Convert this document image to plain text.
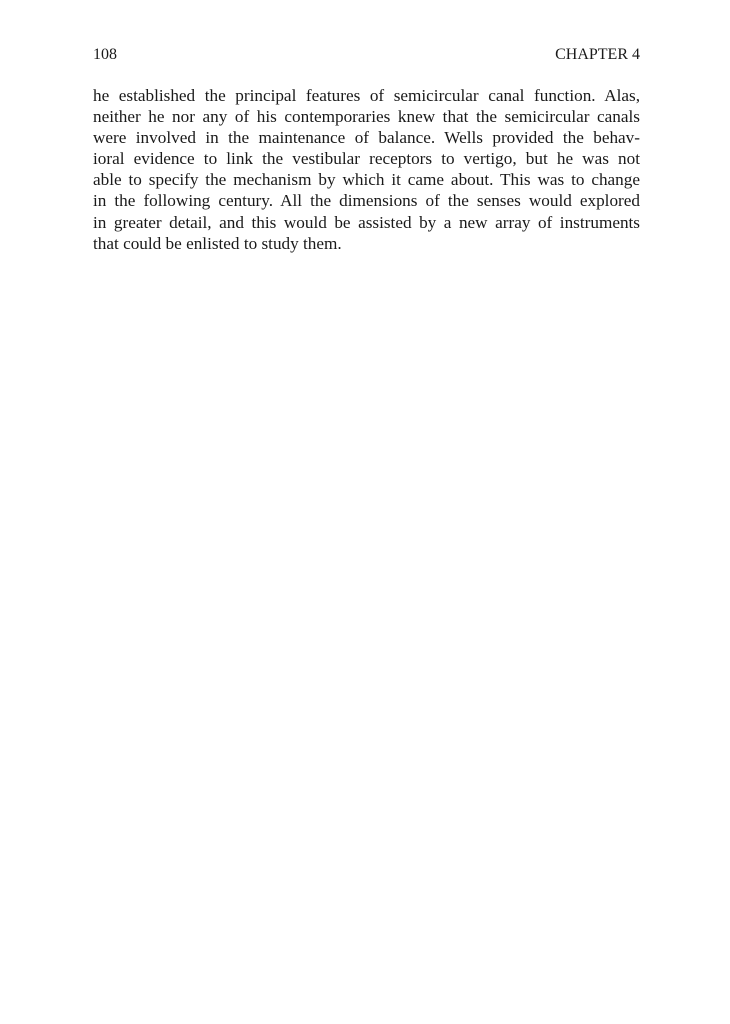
108	CHAPTER 4
he established the principal features of semicircular canal function. Alas,
neither he nor any of his contemporaries knew that the semicircular canals
were involved in the maintenance of balance. Wells provided the behav-
ioral evidence to link the vestibular receptors to vertigo, but he was not
able to specify the mechanism by which it came about. This was to change
in the following century. All the dimensions of the senses would explored
in greater detail, and this would be assisted by a new array of instruments
that could be enlisted to study them.
